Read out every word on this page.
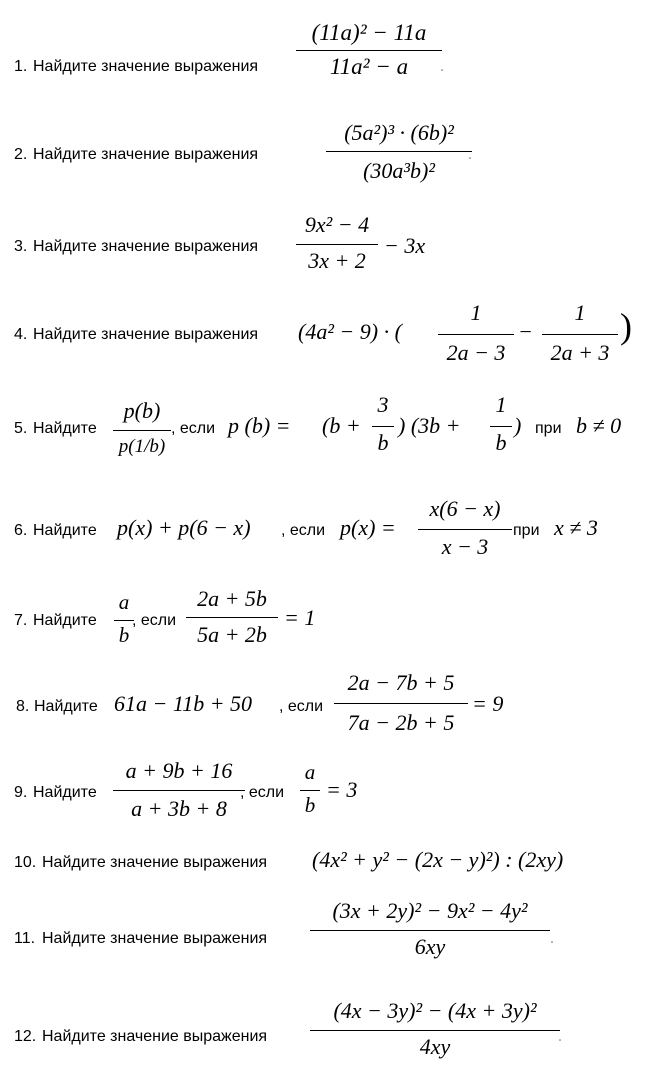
1. Найдите значение выражения
(11a)² − 11a
11a² − a	.
2. Найдите значение выражения
(5a²)³ · (6b)²
(30a³b)²
.
3. Найдите значение выражения
9x² − 4
3x + 2
− 3x
4. Найдите значение выражения (4a² − 9) · (
1
2a − 3
−
1
2a + 3
)
5. Найдите
p(b)
p(1/b)
, если p (b) = (b +
3
b
) (3b +
1
b
) при b ≠ 0
6. Найдите p(x) + p(6 − x) , если p(x) =
x(6 − x)
x − 3
при x ≠ 3
7. Найдите
a
b
, если
2a + 5b
5a + 2b
= 1
8. Найдите 61a − 11b + 50 , если
2a − 7b + 5
7a − 2b + 5
= 9
9. Найдите
a + 9b + 16
a + 3b + 8
, если
a
b
= 3
10. Найдите значение выражения (4x² + y² − (2x − y)²) : (2xy)
11. Найдите значение выражения
(3x + 2y)² − 9x² − 4y²
6xy	.
12. Найдите значение выражения
(4x − 3y)² − (4x + 3y)²
4xy	.
